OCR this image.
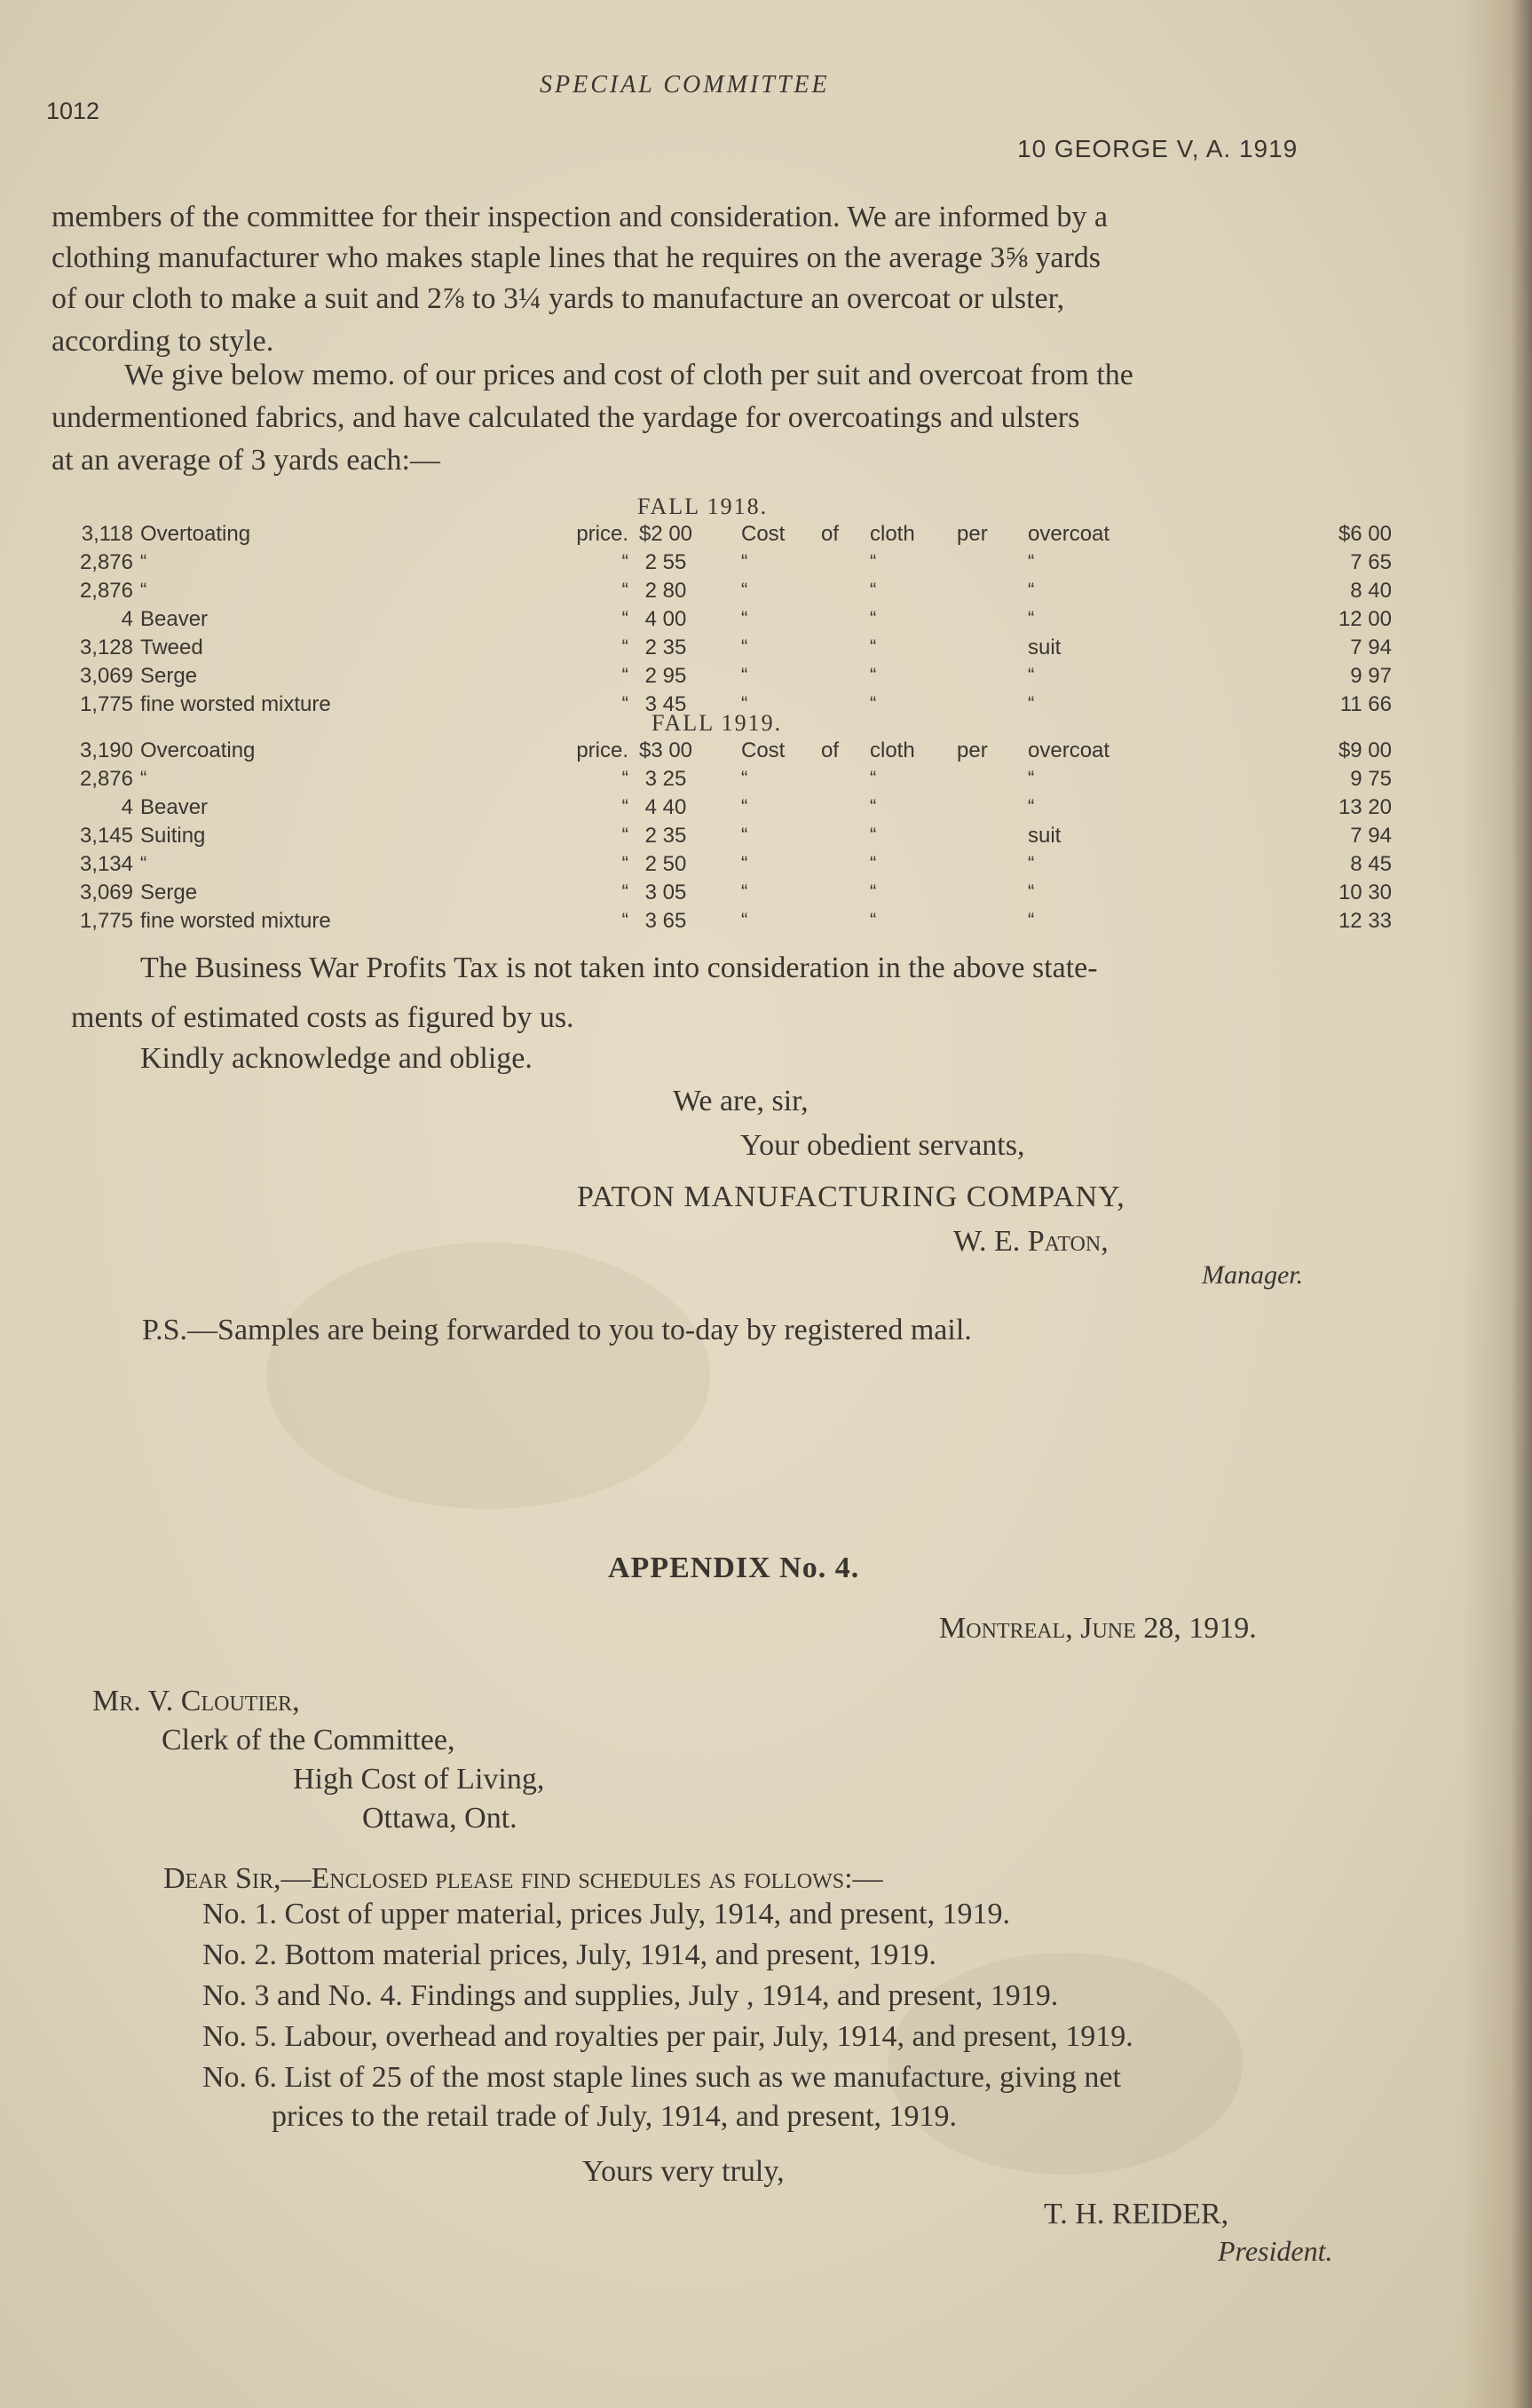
1012
SPECIAL COMMITTEE
10 GEORGE V, A. 1919
members of the committee for their inspection and consideration. We are informed by a
clothing manufacturer who makes staple lines that he requires on the average 3⅝ yards
of our cloth to make a suit and 2⅞ to 3¼ yards to manufacture an overcoat or ulster,
according to style.
We give below memo. of our prices and cost of cloth per suit and overcoat from the
undermentioned fabrics, and have calculated the yardage for overcoatings and ulsters
at an average of 3 yards each:—
FALL 1918.
3,118 Overtoating	price. $2 00	Cost of cloth per overcoat	$6 00
2,876 “	“ 2 55	“	“	“	7 65
2,876 “	“ 2 80	“	“	“	8 40
4 Beaver	“ 4 00	“	“	“	12 00
3,128 Tweed	“ 2 35	“	“	suit	7 94
3,069 Serge	“ 2 95	“	“	“	9 97
1,775 fine worsted mixture	“ 3 45	“	“	“	11 66
FALL 1919.
3,190 Overcoating	price. $3 00	Cost of cloth per overcoat	$9 00
2,876 “	“ 3 25	“	“	“	9 75
4 Beaver	“ 4 40	“	“	“	13 20
3,145 Suiting	“ 2 35	“	“	suit	7 94
3,134 “	“ 2 50	“	“	“	8 45
3,069 Serge	“ 3 05	“	“	“	10 30
1,775 fine worsted mixture	“ 3 65	“	“	“	12 33
The Business War Profits Tax is not taken into consideration in the above state-
ments of estimated costs as figured by us.
Kindly acknowledge and oblige.
We are, sir,
Your obedient servants,
PATON MANUFACTURING COMPANY,
W. E. Paton,
Manager.
P.S.—Samples are being forwarded to you to-day by registered mail.
APPENDIX No. 4.
Montreal, June 28, 1919.
Mr. V. Cloutier,
Clerk of the Committee,
High Cost of Living,
Ottawa, Ont.
Dear Sir,—Enclosed please find schedules as follows:—
No. 1. Cost of upper material, prices July, 1914, and present, 1919.
No. 2. Bottom material prices, July, 1914, and present, 1919.
No. 3 and No. 4. Findings and supplies, July , 1914, and present, 1919.
No. 5. Labour, overhead and royalties per pair, July, 1914, and present, 1919.
No. 6. List of 25 of the most staple lines such as we manufacture, giving net
prices to the retail trade of July, 1914, and present, 1919.
Yours very truly,
T. H. REIDER,
President.
